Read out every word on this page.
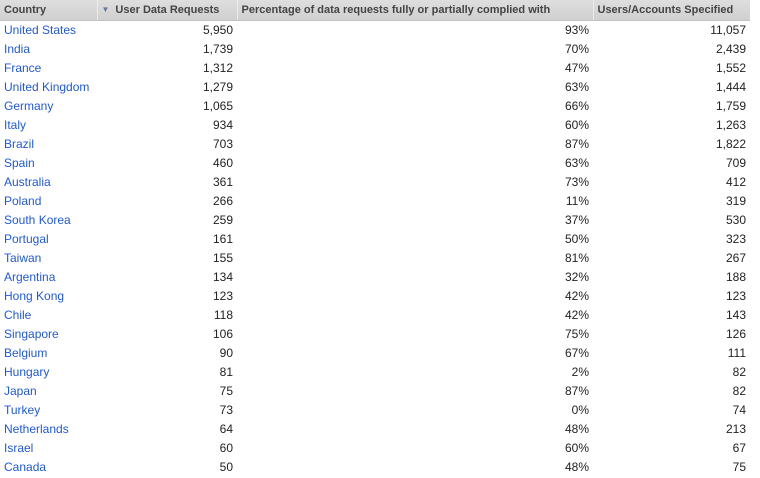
Country	▼ User Data Requests	Percentage of data requests fully or partially complied with	Users/Accounts Specified
United States	5,950	93%	11,057
India	1,739	70%	2,439
France	1,312	47%	1,552
United Kingdom	1,279	63%	1,444
Germany	1,065	66%	1,759
Italy	934	60%	1,263
Brazil	703	87%	1,822
Spain	460	63%	709
Australia	361	73%	412
Poland	266	11%	319
South Korea	259	37%	530
Portugal	161	50%	323
Taiwan	155	81%	267
Argentina	134	32%	188
Hong Kong	123	42%	123
Chile	118	42%	143
Singapore	106	75%	126
Belgium	90	67%	111
Hungary	81	2%	82
Japan	75	87%	82
Turkey	73	0%	74
Netherlands	64	48%	213
Israel	60	60%	67
Canada	50	48%	75
